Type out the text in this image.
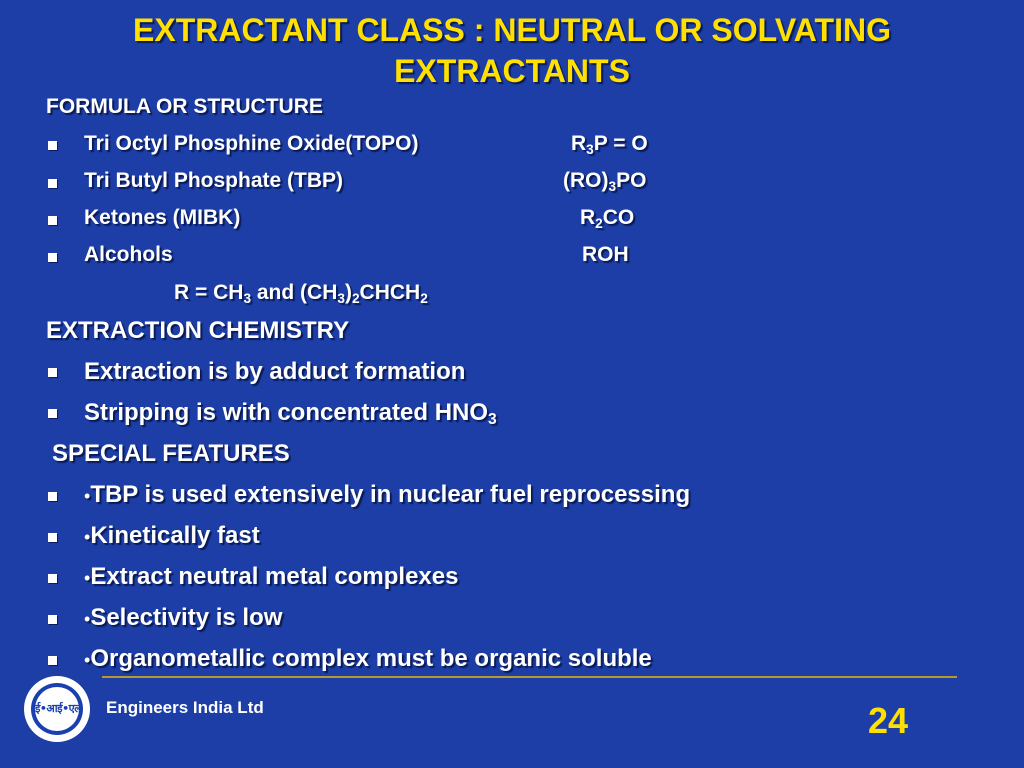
EXTRACTANT CLASS : NEUTRAL OR SOLVATING EXTRACTANTS
FORMULA OR STRUCTURE
Tri Octyl Phosphine Oxide(TOPO)	$R_3P = O$
Tri Butyl Phosphate (TBP)	$(RO)_3PO$
Ketones (MIBK)	$R_2CO$
Alcohols	ROH
$R = CH_3$ and $(CH_3)_2CHCH_2$
EXTRACTION CHEMISTRY
Extraction is by adduct formation
Stripping is with concentrated $HNO_3$
SPECIAL FEATURES
•TBP is used extensively in nuclear fuel reprocessing
•Kinetically fast
•Extract neutral metal complexes
•Selectivity is low
•Organometallic complex must be organic soluble
ई•आई•एल Engineers India Ltd	24
